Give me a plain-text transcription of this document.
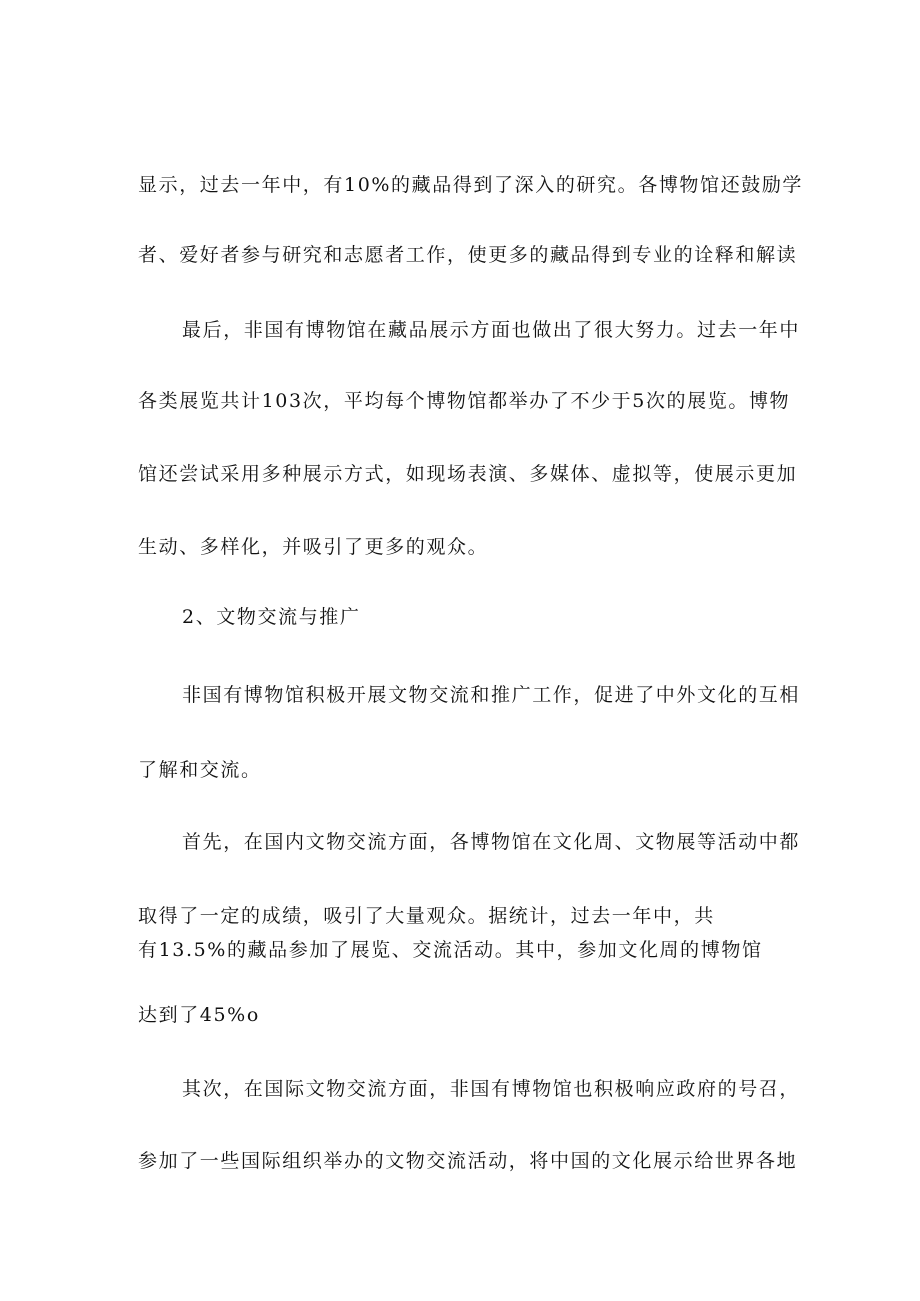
显示，过去一年中，有10%的藏品得到了深入的研究。各博物馆还鼓励学
者、爱好者参与研究和志愿者工作，使更多的藏品得到专业的诠释和解读
最后，非国有博物馆在藏品展示方面也做出了很大努力。过去一年中
各类展览共计103次，平均每个博物馆都举办了不少于5次的展览。博物
馆还尝试采用多种展示方式，如现场表演、多媒体、虚拟等，使展示更加
生动、多样化，并吸引了更多的观众。
2、文物交流与推广
非国有博物馆积极开展文物交流和推广工作，促进了中外文化的互相
了解和交流。
首先，在国内文物交流方面，各博物馆在文化周、文物展等活动中都
取得了一定的成绩，吸引了大量观众。据统计，过去一年中，共
有13.5%的藏品参加了展览、交流活动。其中，参加文化周的博物馆
达到了45%o
其次，在国际文物交流方面，非国有博物馆也积极响应政府的号召，
参加了一些国际组织举办的文物交流活动，将中国的文化展示给世界各地
